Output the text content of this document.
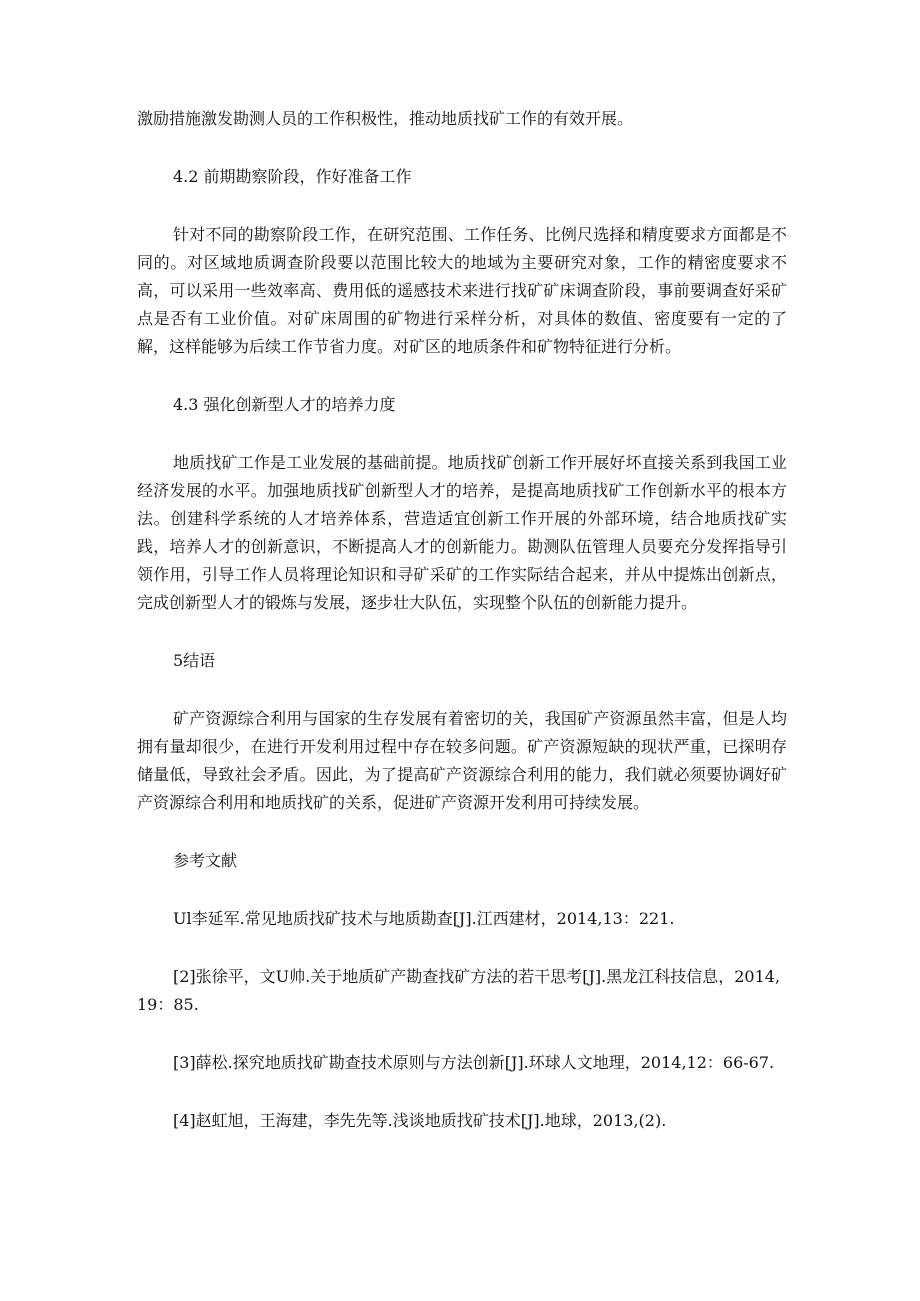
激励措施激发勘测人员的工作积极性，推动地质找矿工作的有效开展。

4.2 前期勘察阶段，作好准备工作

针对不同的勘察阶段工作，在研究范围、工作任务、比例尺选择和精度要求方面都是不同的。对区域地质调查阶段要以范围比较大的地域为主要研究对象，工作的精密度要求不高，可以采用一些效率高、费用低的遥感技术来进行找矿矿床调查阶段，事前要调查好采矿点是否有工业价值。对矿床周围的矿物进行采样分析，对具体的数值、密度要有一定的了解，这样能够为后续工作节省力度。对矿区的地质条件和矿物特征进行分析。

4.3 强化创新型人才的培养力度

地质找矿工作是工业发展的基础前提。地质找矿创新工作开展好坏直接关系到我国工业经济发展的水平。加强地质找矿创新型人才的培养，是提高地质找矿工作创新水平的根本方法。创建科学系统的人才培养体系，营造适宜创新工作开展的外部环境，结合地质找矿实践，培养人才的创新意识，不断提高人才的创新能力。勘测队伍管理人员要充分发挥指导引领作用，引导工作人员将理论知识和寻矿采矿的工作实际结合起来，并从中提炼出创新点，完成创新型人才的锻炼与发展，逐步壮大队伍，实现整个队伍的创新能力提升。

5结语

矿产资源综合利用与国家的生存发展有着密切的关，我国矿产资源虽然丰富，但是人均拥有量却很少，在进行开发利用过程中存在较多问题。矿产资源短缺的现状严重，已探明存储量低，导致社会矛盾。因此，为了提高矿产资源综合利用的能力，我们就必须要协调好矿产资源综合利用和地质找矿的关系，促进矿产资源开发利用可持续发展。

参考文献

Ul李延军.常见地质找矿技术与地质勘查[J].江西建材，2014,13：221.

[2]张徐平，文U帅.关于地质矿产勘查找矿方法的若干思考[J].黑龙江科技信息，2014,19：85.

[3]薛松.探究地质找矿勘查技术原则与方法创新[J].环球人文地理，2014,12：66-67.

[4]赵虹旭，王海建，李先先等.浅谈地质找矿技术[J].地球，2013,(2).
